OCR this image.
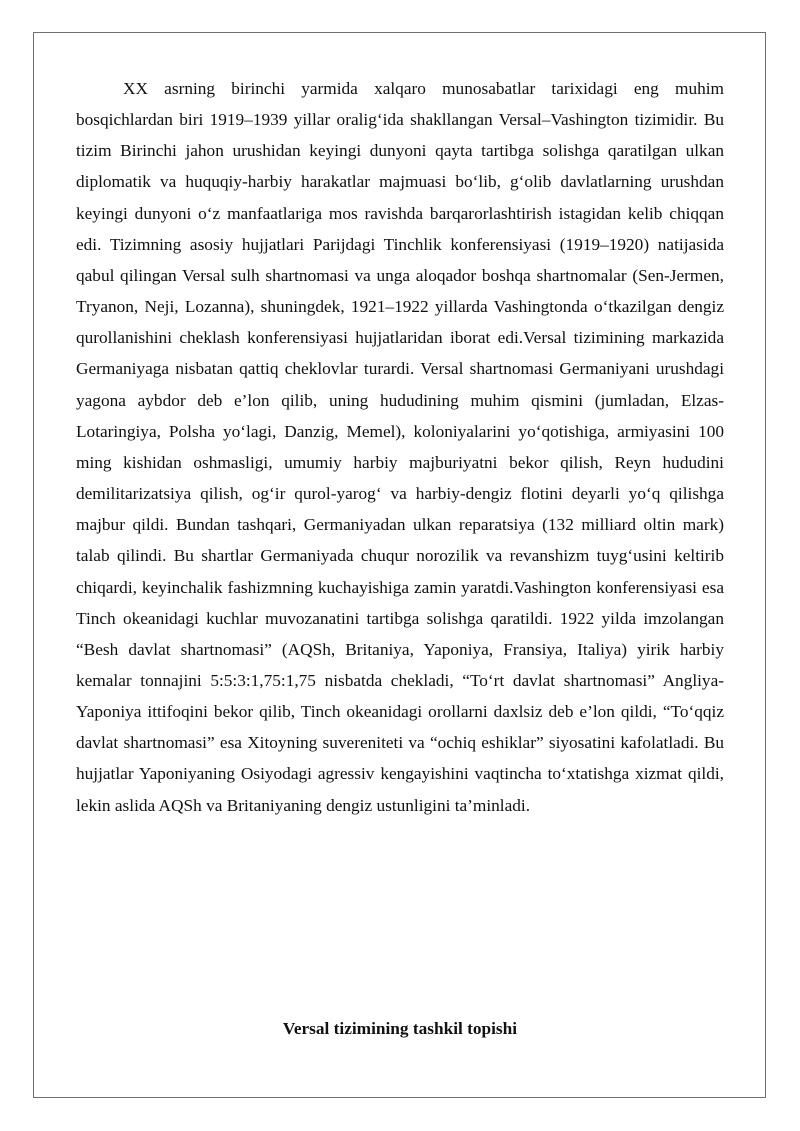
XX asrning birinchi yarmida xalqaro munosabatlar tarixidagi eng muhim bosqichlardan biri 1919–1939 yillar oralig‘ida shakllangan Versal–Vashington tizimidir. Bu tizim Birinchi jahon urushidan keyingi dunyoni qayta tartibga solishga qaratilgan ulkan diplomatik va huquqiy-harbiy harakatlar majmuasi bo‘lib, g‘olib davlatlarning urushdan keyingi dunyoni o‘z manfaatlariga mos ravishda barqarorlashtirish istagidan kelib chiqqan edi. Tizimning asosiy hujjatlari Parijdagi Tinchlik konferensiyasi (1919–1920) natijasida qabul qilingan Versal sulh shartnomasi va unga aloqador boshqa shartnomalar (Sen-Jermen, Tryanon, Neji, Lozanna), shuningdek, 1921–1922 yillarda Vashingtonda o‘tkazilgan dengiz qurollanishini cheklash konferensiyasi hujjatlaridan iborat edi.Versal tizimining markazida Germaniyaga nisbatan qattiq cheklovlar turardi. Versal shartnomasi Germaniyani urushdagi yagona aybdor deb e’lon qilib, uning hududining muhim qismini (jumladan, Elzas-Lotaringiya, Polsha yo‘lagi, Danzig, Memel), koloniyalarini yo‘qotishiga, armiyasini 100 ming kishidan oshmasligi, umumiy harbiy majburiyatni bekor qilish, Reyn hududini demilitarizatsiya qilish, og‘ir qurol-yarog‘ va harbiy-dengiz flotini deyarli yo‘q qilishga majbur qildi. Bundan tashqari, Germaniyadan ulkan reparatsiya (132 milliard oltin mark) talab qilindi. Bu shartlar Germaniyada chuqur norozilik va revanshizm tuyg‘usini keltirib chiqardi, keyinchalik fashizmning kuchayishiga zamin yaratdi.Vashington konferensiyasi esa Tinch okeanidagi kuchlar muvozanatini tartibga solishga qaratildi. 1922 yilda imzolangan “Besh davlat shartnomasi” (AQSh, Britaniya, Yaponiya, Fransiya, Italiya) yirik harbiy kemalar tonnajini 5:5:3:1,75:1,75 nisbatda chekladi, “To‘rt davlat shartnomasi” Angliya-Yaponiya ittifoqini bekor qilib, Tinch okeanidagi orollarni daxlsiz deb e’lon qildi, “To‘qqiz davlat shartnomasi” esa Xitoyning suvereniteti va “ochiq eshiklar” siyosatini kafolatladi. Bu hujjatlar Yaponiyaning Osiyodagi agressiv kengayishini vaqtincha to‘xtatishga xizmat qildi, lekin aslida AQSh va Britaniyaning dengiz ustunligini ta’minladi.

Versal tizimining tashkil topishi
